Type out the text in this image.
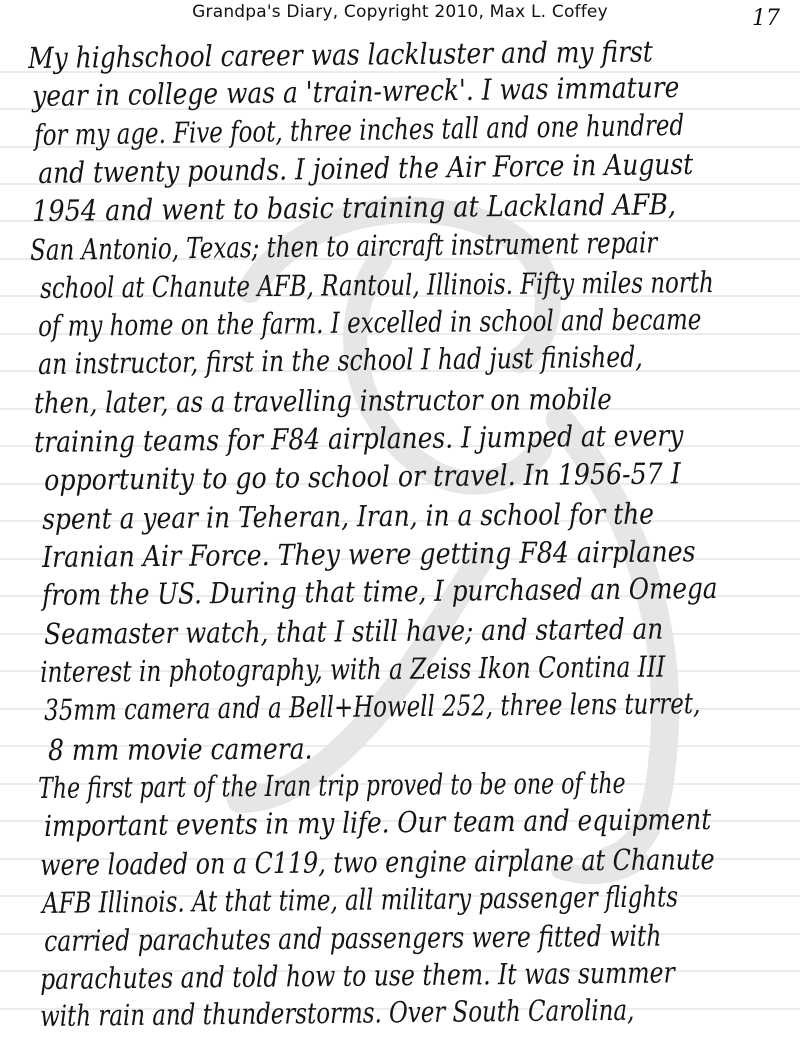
Grandpa's Diary, Copyright 2010, Max L. Coffey	17
My highschool career was lackluster and my first
year in college was a 'train-wreck'. I was immature
for my age. Five foot, three inches tall and one hundred
and twenty pounds. I joined the Air Force in August
1954 and went to basic training at Lackland AFB,
San Antonio, Texas; then to aircraft instrument repair
school at Chanute AFB, Rantoul, Illinois. Fifty miles north
of my home on the farm. I excelled in school and became
an instructor, first in the school I had just finished,
then, later, as a travelling instructor on mobile
training teams for F84 airplanes. I jumped at every
opportunity to go to school or travel. In 1956-57 I
spent a year in Teheran, Iran, in a school for the
Iranian Air Force. They were getting F84 airplanes
from the US. During that time, I purchased an Omega
Seamaster watch, that I still have; and started an
interest in photography, with a Zeiss Ikon Contina III
35mm camera and a Bell+Howell 252, three lens turret,
8 mm movie camera.
The first part of the Iran trip proved to be one of the
important events in my life. Our team and equipment
were loaded on a C119, two engine airplane at Chanute
AFB Illinois. At that time, all military passenger flights
carried parachutes and passengers were fitted with
parachutes and told how to use them. It was summer
with rain and thunderstorms. Over South Carolina,
